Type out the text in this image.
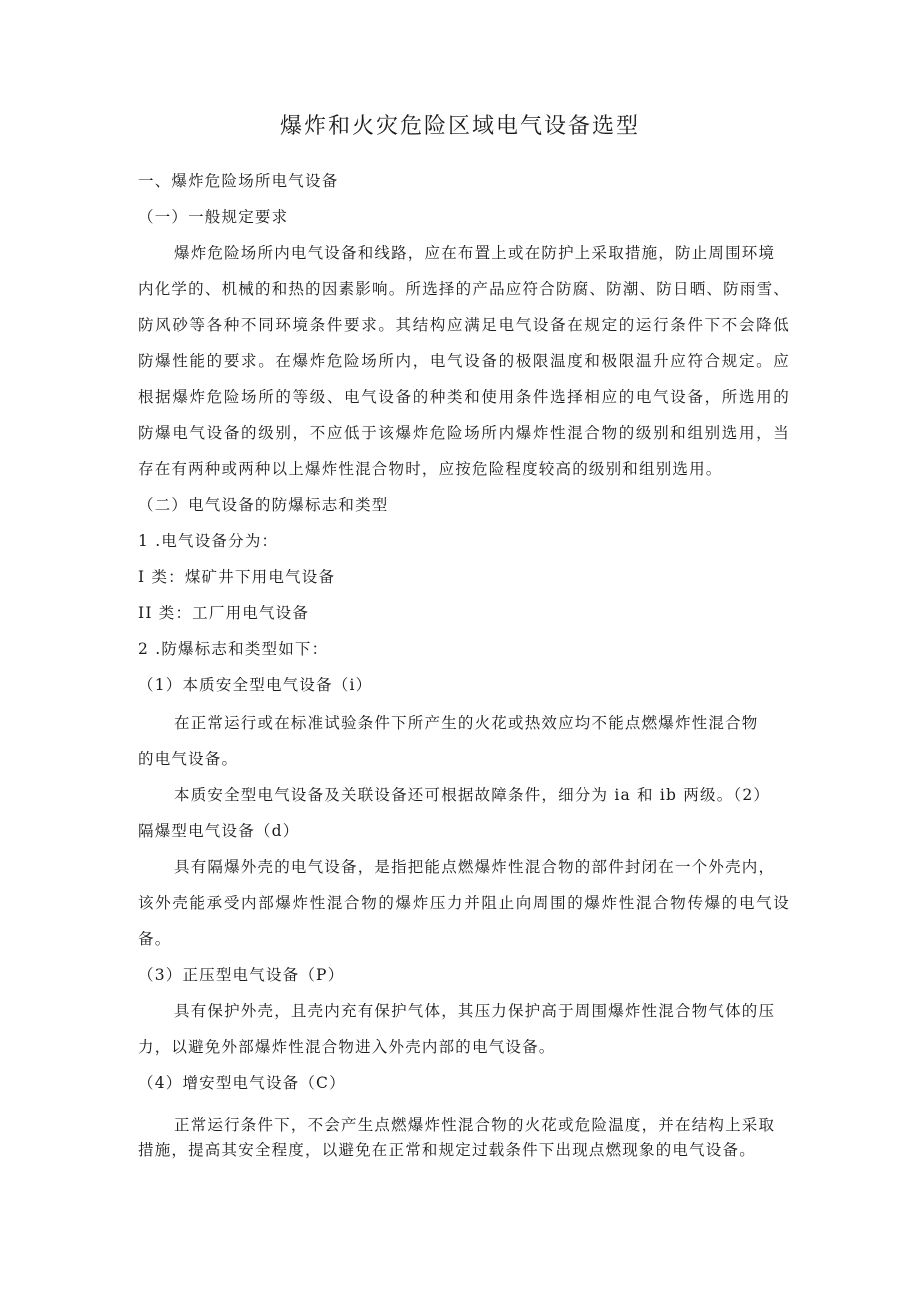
爆炸和火灾危险区域电气设备选型
一、爆炸危险场所电气设备
（一）一般规定要求
爆炸危险场所内电气设备和线路，应在布置上或在防护上采取措施，防止周围环境
内化学的、机械的和热的因素影响。所选择的产品应符合防腐、防潮、防日晒、防雨雪、
防风砂等各种不同环境条件要求。其结构应满足电气设备在规定的运行条件下不会降低
防爆性能的要求。在爆炸危险场所内，电气设备的极限温度和极限温升应符合规定。应
根据爆炸危险场所的等级、电气设备的种类和使用条件选择相应的电气设备，所选用的
防爆电气设备的级别，不应低于该爆炸危险场所内爆炸性混合物的级别和组别选用，当
存在有两种或两种以上爆炸性混合物时，应按危险程度较高的级别和组别选用。
（二）电气设备的防爆标志和类型
1 .电气设备分为：
I 类：煤矿井下用电气设备
II 类：工厂用电气设备
2 .防爆标志和类型如下：
（1）本质安全型电气设备（i）
在正常运行或在标准试验条件下所产生的火花或热效应均不能点燃爆炸性混合物
的电气设备。
本质安全型电气设备及关联设备还可根据故障条件，细分为 ia 和 ib 两级。（2）
隔爆型电气设备（d）
具有隔爆外壳的电气设备，是指把能点燃爆炸性混合物的部件封闭在一个外壳内，
该外壳能承受内部爆炸性混合物的爆炸压力并阻止向周围的爆炸性混合物传爆的电气设
备。
（3）正压型电气设备（P）
具有保护外壳，且壳内充有保护气体，其压力保护高于周围爆炸性混合物气体的压
力，以避免外部爆炸性混合物进入外壳内部的电气设备。
（4）增安型电气设备（C）
正常运行条件下，不会产生点燃爆炸性混合物的火花或危险温度，并在结构上采取
措施，提高其安全程度，以避免在正常和规定过载条件下出现点燃现象的电气设备。
